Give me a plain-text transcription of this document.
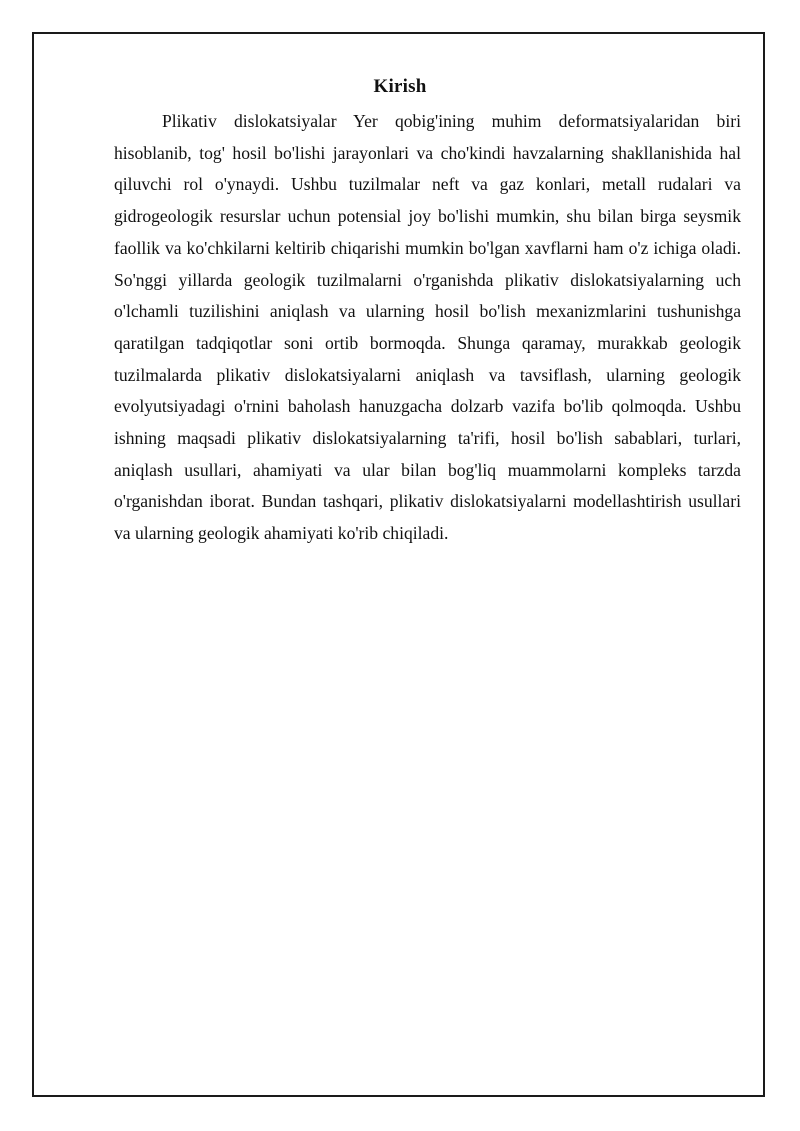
Kirish

Plikativ dislokatsiyalar Yer qobig'ining muhim deformatsiyalaridan biri hisoblanib, tog' hosil bo'lishi jarayonlari va cho'kindi havzalarning shakllanishida hal qiluvchi rol o'ynaydi. Ushbu tuzilmalar neft va gaz konlari, metall rudalari va gidrogeologik resurslar uchun potensial joy bo'lishi mumkin, shu bilan birga seysmik faollik va ko'chkilarni keltirib chiqarishi mumkin bo'lgan xavflarni ham o'z ichiga oladi. So'nggi yillarda geologik tuzilmalarni o'rganishda plikativ dislokatsiyalarning uch o'lchamli tuzilishini aniqlash va ularning hosil bo'lish mexanizmlarini tushunishga qaratilgan tadqiqotlar soni ortib bormoqda. Shunga qaramay, murakkab geologik tuzilmalarda plikativ dislokatsiyalarni aniqlash va tavsiflash, ularning geologik evolyutsiyadagi o'rnini baholash hanuzgacha dolzarb vazifa bo'lib qolmoqda. Ushbu ishning maqsadi plikativ dislokatsiyalarning ta'rifi, hosil bo'lish sabablari, turlari, aniqlash usullari, ahamiyati va ular bilan bog'liq muammolarni kompleks tarzda o'rganishdan iborat. Bundan tashqari, plikativ dislokatsiyalarni modellashtirish usullari va ularning geologik ahamiyati ko'rib chiqiladi.
